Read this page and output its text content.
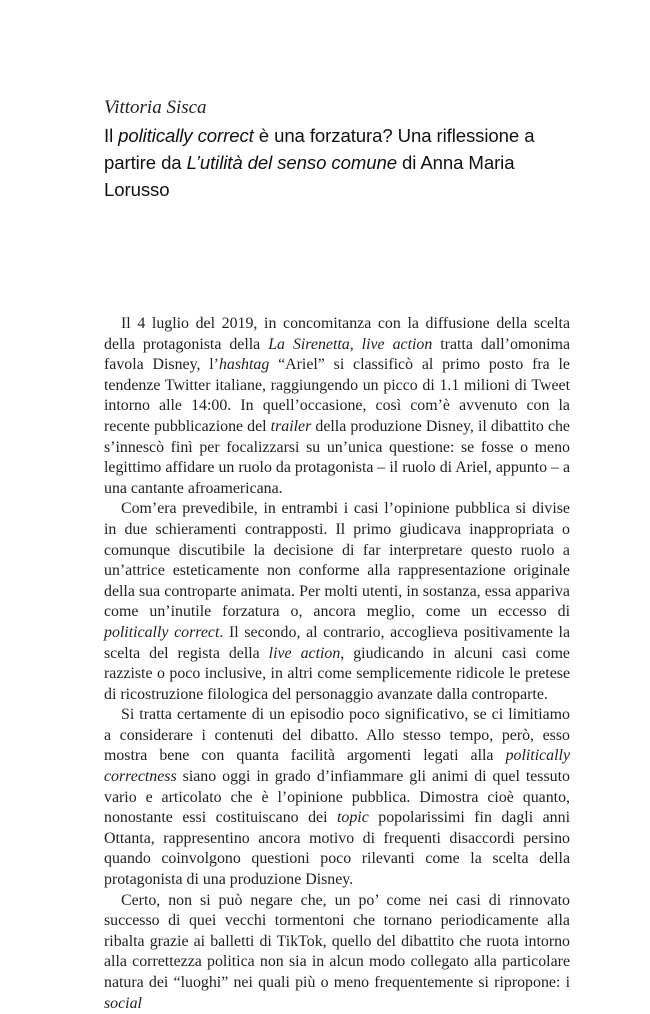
Vittoria Sisca

Il politically correct è una forzatura? Una riflessione a partire da L’utilità del senso comune di Anna Maria Lorusso

Il 4 luglio del 2019, in concomitanza con la diffusione della scelta della protagonista della La Sirenetta, live action tratta dall’omonima favola Disney, l’hashtag “Ariel” si classificò al primo posto fra le tendenze Twitter italiane, raggiungendo un picco di 1.1 milioni di Tweet intorno alle 14:00. In quell’occasione, così com’è avvenuto con la recente pubblicazione del trailer della produzione Disney, il dibattito che s’innescò finì per focalizzarsi su un’unica questione: se fosse o meno legittimo affidare un ruolo da protagonista – il ruolo di Ariel, appunto – a una cantante afroamericana.

Com’era prevedibile, in entrambi i casi l’opinione pubblica si divise in due schieramenti contrapposti. Il primo giudicava inappropriata o comunque discutibile la decisione di far interpretare questo ruolo a un’attrice esteticamente non conforme alla rappresentazione originale della sua controparte animata. Per molti utenti, in sostanza, essa appariva come un’inutile forzatura o, ancora meglio, come un eccesso di politically correct. Il secondo, al contrario, accoglieva positivamente la scelta del regista della live action, giudicando in alcuni casi come razziste o poco inclusive, in altri come semplicemente ridicole le pretese di ricostruzione filologica del personaggio avanzate dalla controparte.

Si tratta certamente di un episodio poco significativo, se ci limitiamo a considerare i contenuti del dibatto. Allo stesso tempo, però, esso mostra bene con quanta facilità argomenti legati alla politically correctness siano oggi in grado d’infiammare gli animi di quel tessuto vario e articolato che è l’opinione pubblica. Dimostra cioè quanto, nonostante essi costituiscano dei topic popolarissimi fin dagli anni Ottanta, rappresentino ancora motivo di frequenti disaccordi persino quando coinvolgono questioni poco rilevanti come la scelta della protagonista di una produzione Disney.

Certo, non si può negare che, un po’ come nei casi di rinnovato successo di quei vecchi tormentoni che tornano periodicamente alla ribalta grazie ai balletti di TikTok, quello del dibattito che ruota intorno alla correttezza politica non sia in alcun modo collegato alla particolare natura dei “luoghi” nei quali più o meno frequentemente si ripropone: i social
